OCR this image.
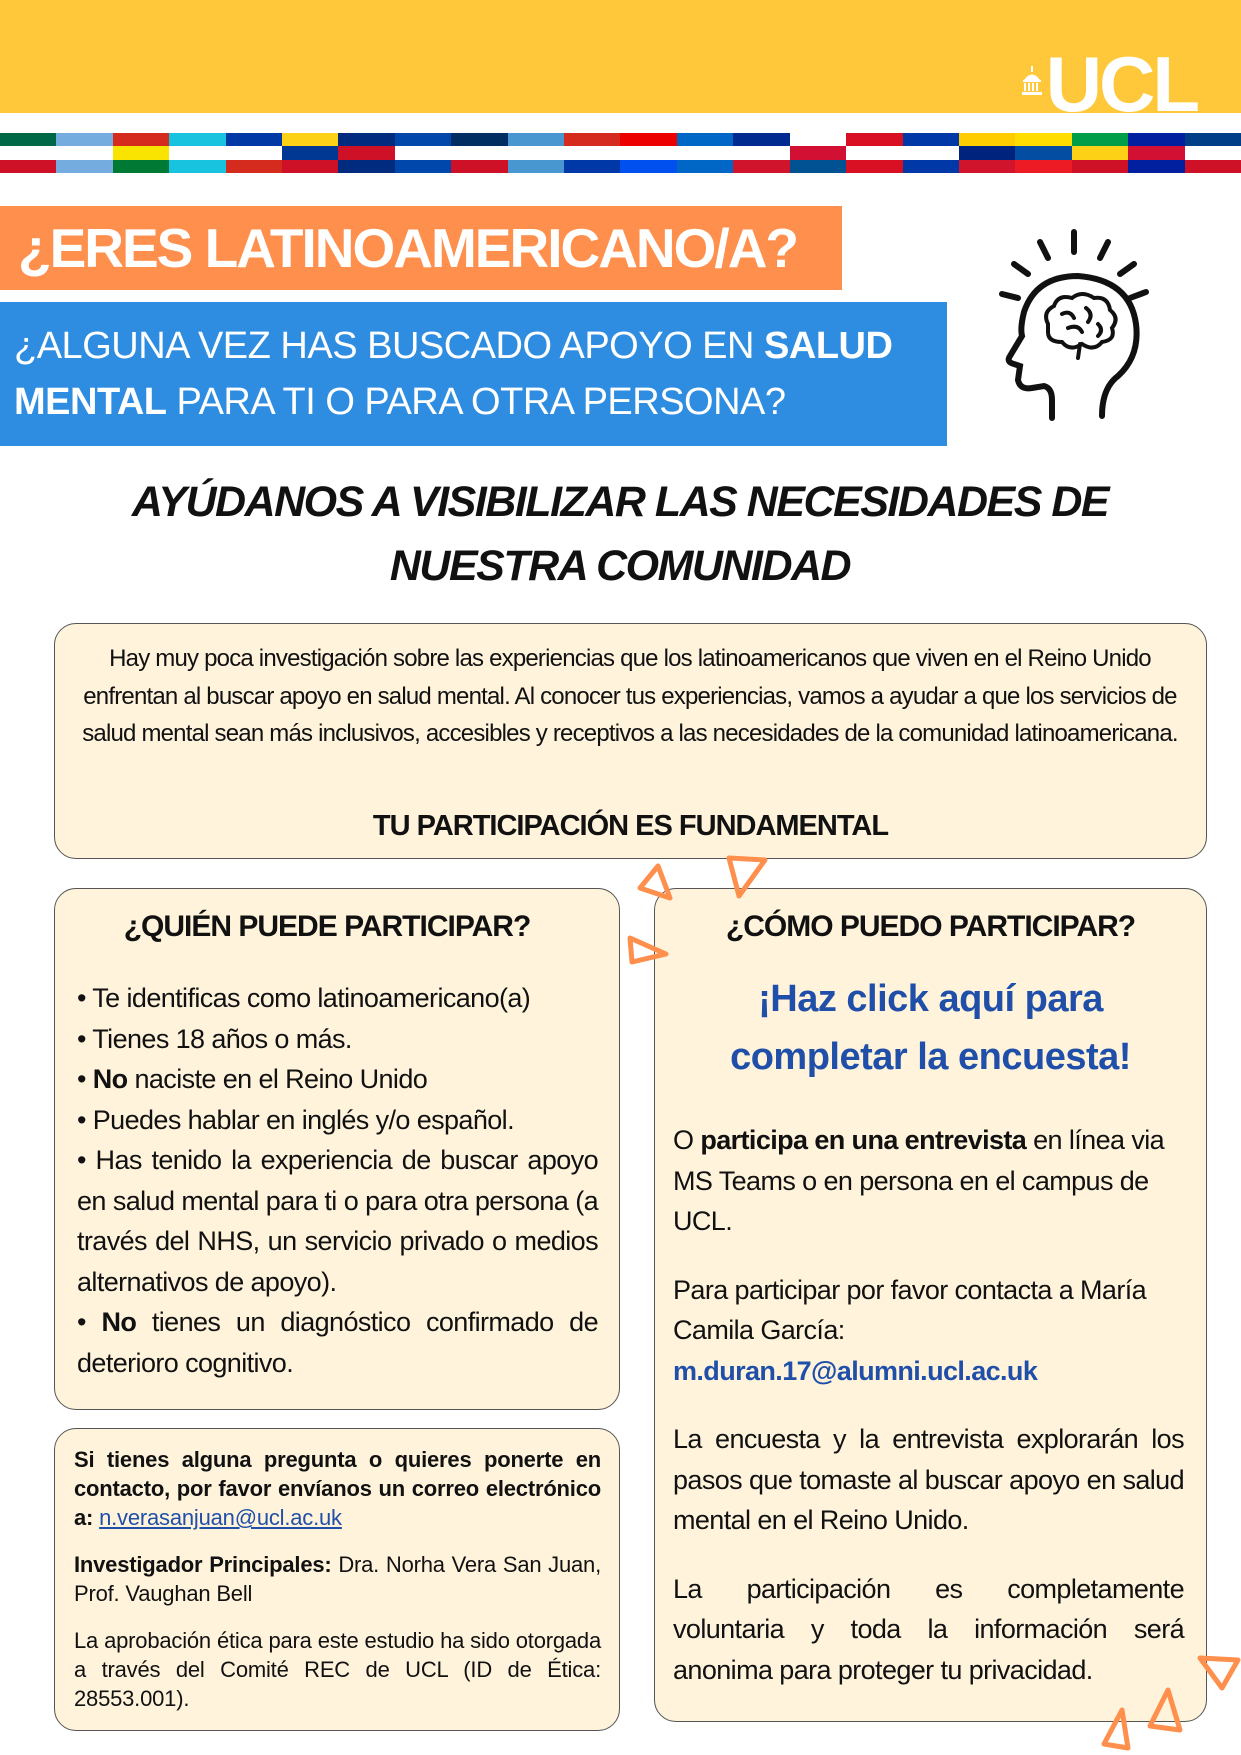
UCL
¿ERES LATINOAMERICANO/A?
¿ALGUNA VEZ HAS BUSCADO APOYO EN SALUD MENTAL PARA TI O PARA OTRA PERSONA?
AYÚDANOS A VISIBILIZAR LAS NECESIDADES DE
NUESTRA COMUNIDAD
Hay muy poca investigación sobre las experiencias que los latinoamericanos que viven en el Reino Unido enfrentan al buscar apoyo en salud mental. Al conocer tus experiencias, vamos a ayudar a que los servicios de salud mental sean más inclusivos, accesibles y receptivos a las necesidades de la comunidad latinoamericana.
TU PARTICIPACIÓN ES FUNDAMENTAL
¿QUIÉN PUEDE PARTICIPAR?
• Te identificas como latinoamericano(a)
• Tienes 18 años o más.
• No naciste en el Reino Unido
• Puedes hablar en inglés y/o español.
• Has tenido la experiencia de buscar apoyo en salud mental para ti o para otra persona (a través del NHS, un servicio privado o medios alternativos de apoyo).
• No tienes un diagnóstico confirmado de deterioro cognitivo.

Si tienes alguna pregunta o quieres ponerte en contacto, por favor envíanos un correo electrónico a: n.verasanjuan@ucl.ac.uk

Investigador Principales: Dra. Norha Vera San Juan, Prof. Vaughan Bell

La aprobación ética para este estudio ha sido otorgada a través del Comité REC de UCL (ID de Ética: 28553.001).

¿CÓMO PUEDO PARTICIPAR?
¡Haz click aquí para
completar la encuesta!

O participa en una entrevista en línea via MS Teams o en persona en el campus de UCL.

Para participar por favor contacta a María Camila García:
m.duran.17@alumni.ucl.ac.uk

La encuesta y la entrevista explorarán los pasos que tomaste al buscar apoyo en salud mental en el Reino Unido.

La participación es completamente voluntaria y toda la información será anonima para proteger tu privacidad.
